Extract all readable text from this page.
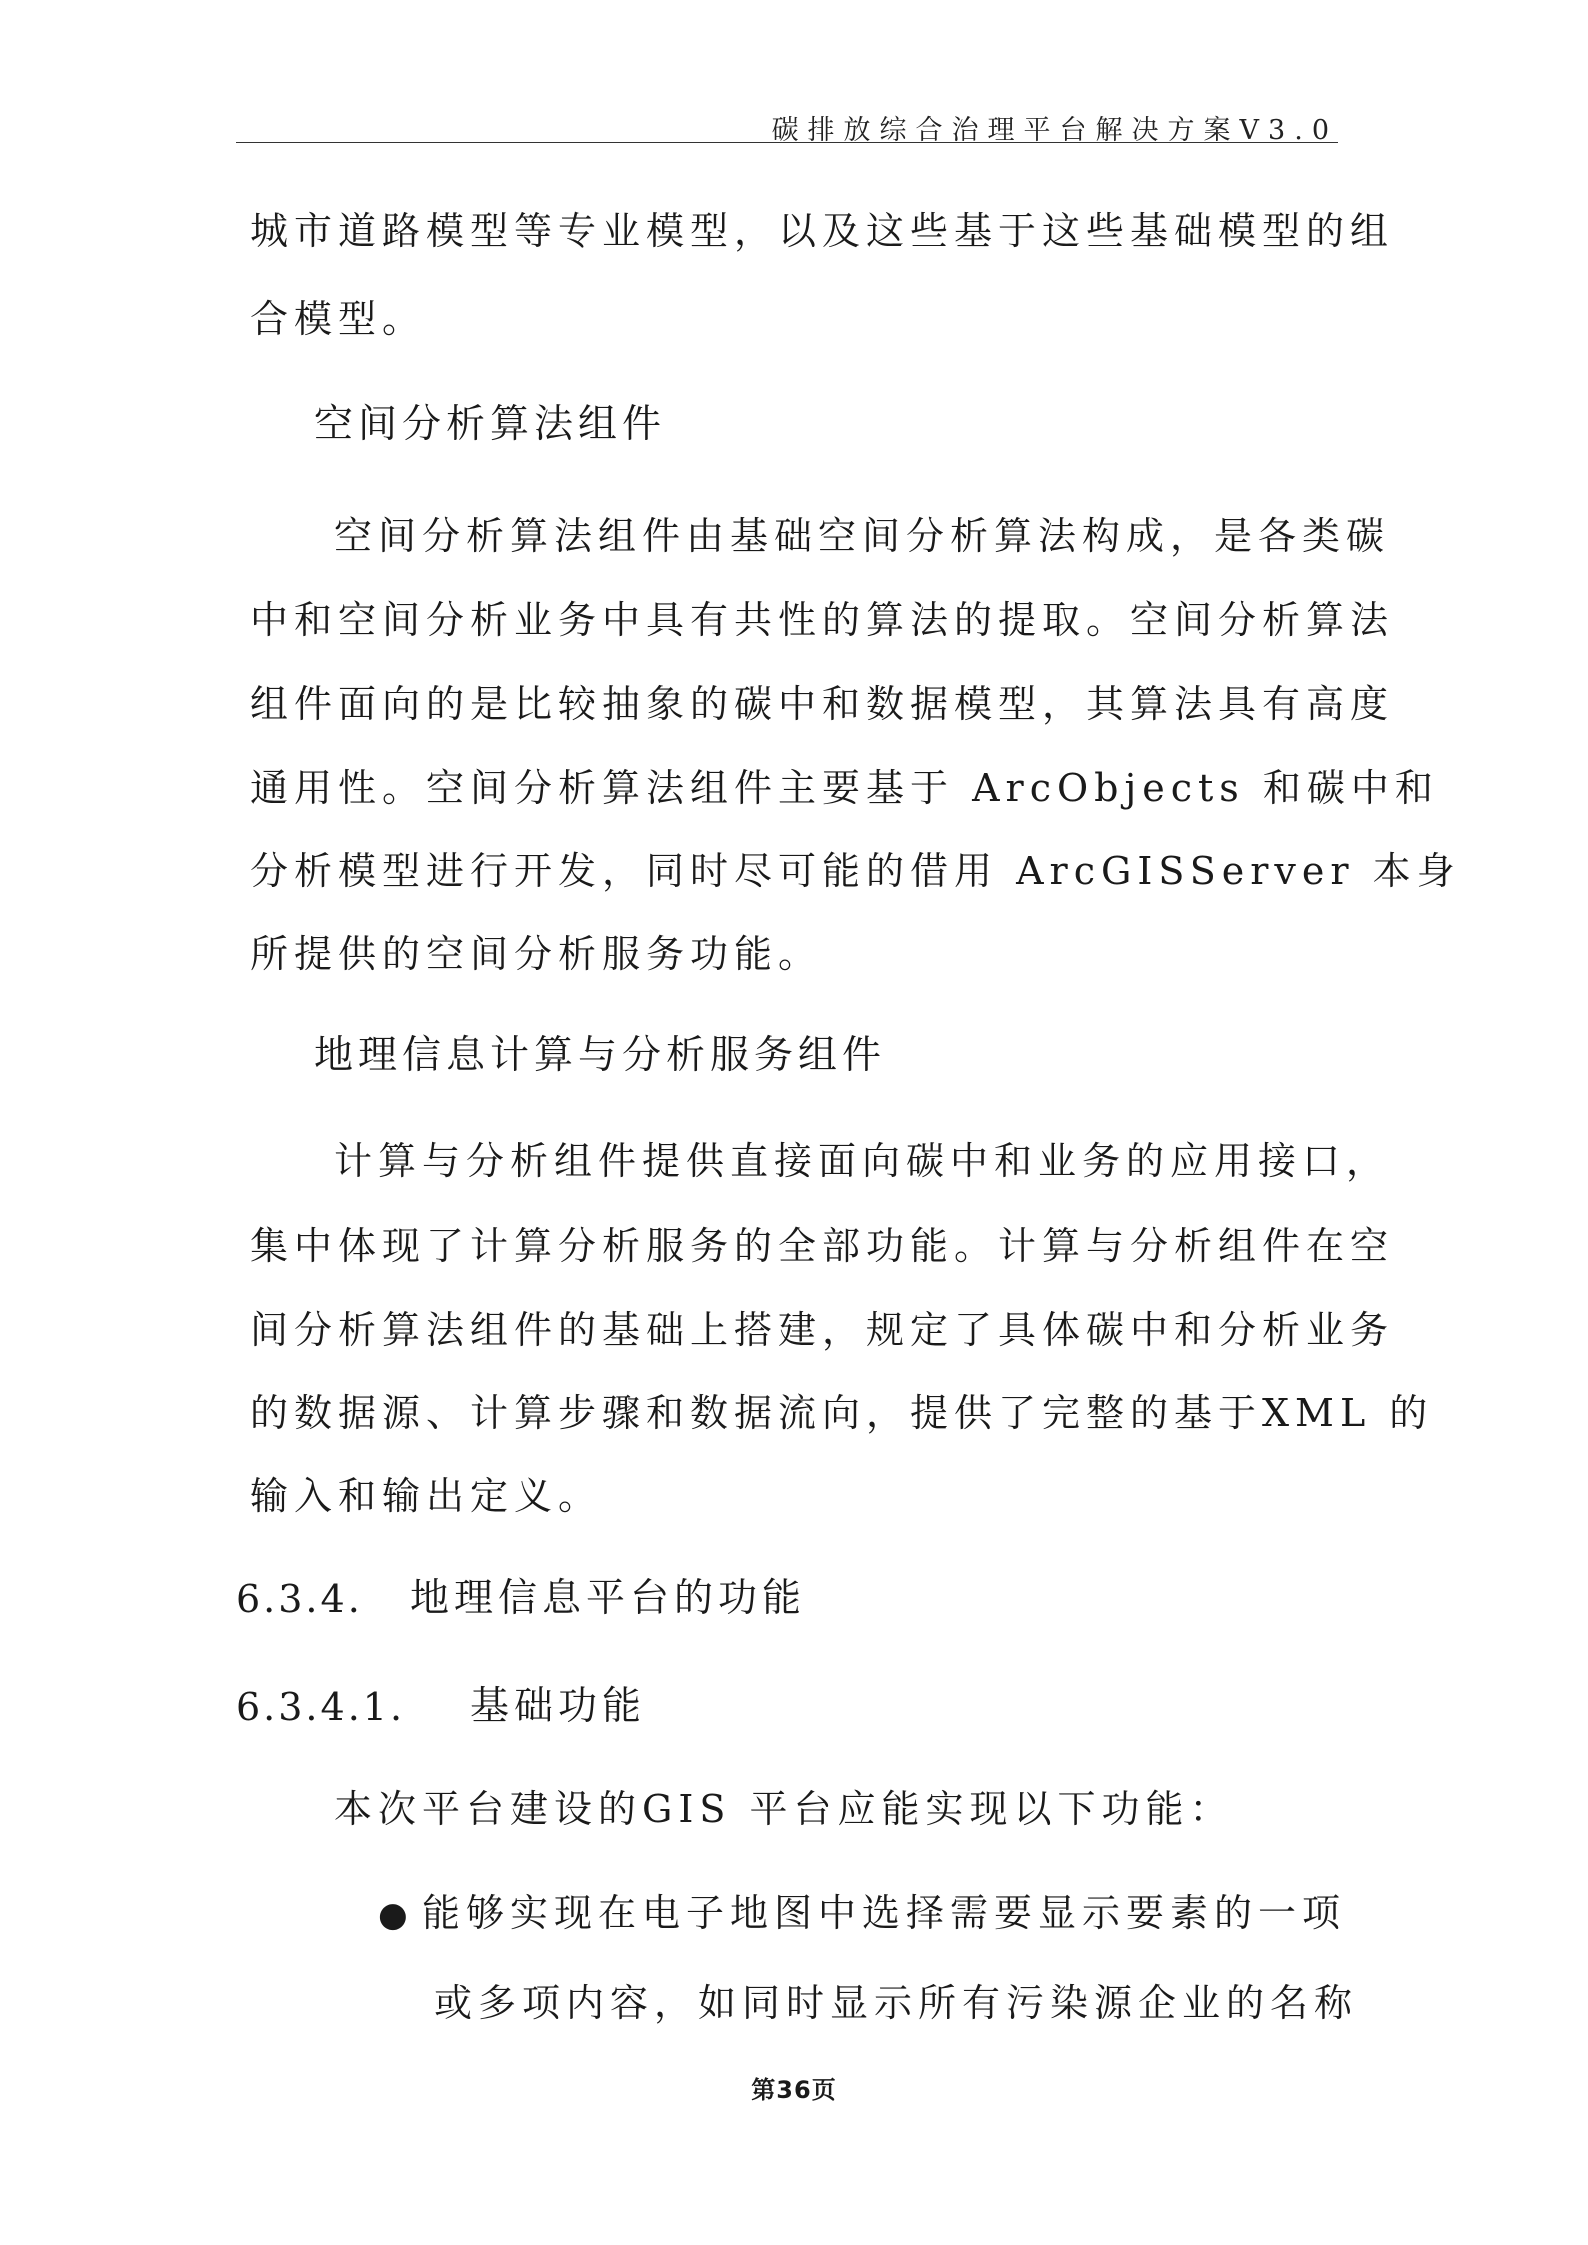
碳排放综合治理平台解决方案V3.0
城市道路模型等专业模型，以及这些基于这些基础模型的组
合模型。
空间分析算法组件
空间分析算法组件由基础空间分析算法构成，是各类碳
中和空间分析业务中具有共性的算法的提取。空间分析算法
组件面向的是比较抽象的碳中和数据模型，其算法具有高度
通用性。空间分析算法组件主要基于 ArcObjects 和碳中和
分析模型进行开发，同时尽可能的借用 ArcGISServer 本身
所提供的空间分析服务功能。
地理信息计算与分析服务组件
计算与分析组件提供直接面向碳中和业务的应用接口，
集中体现了计算分析服务的全部功能。计算与分析组件在空
间分析算法组件的基础上搭建，规定了具体碳中和分析业务
的数据源、计算步骤和数据流向，提供了完整的基于XML 的
输入和输出定义。
6.3.4. 地理信息平台的功能
6.3.4.1. 基础功能
本次平台建设的GIS 平台应能实现以下功能：
● 能够实现在电子地图中选择需要显示要素的一项
或多项内容，如同时显示所有污染源企业的名称
第36页
